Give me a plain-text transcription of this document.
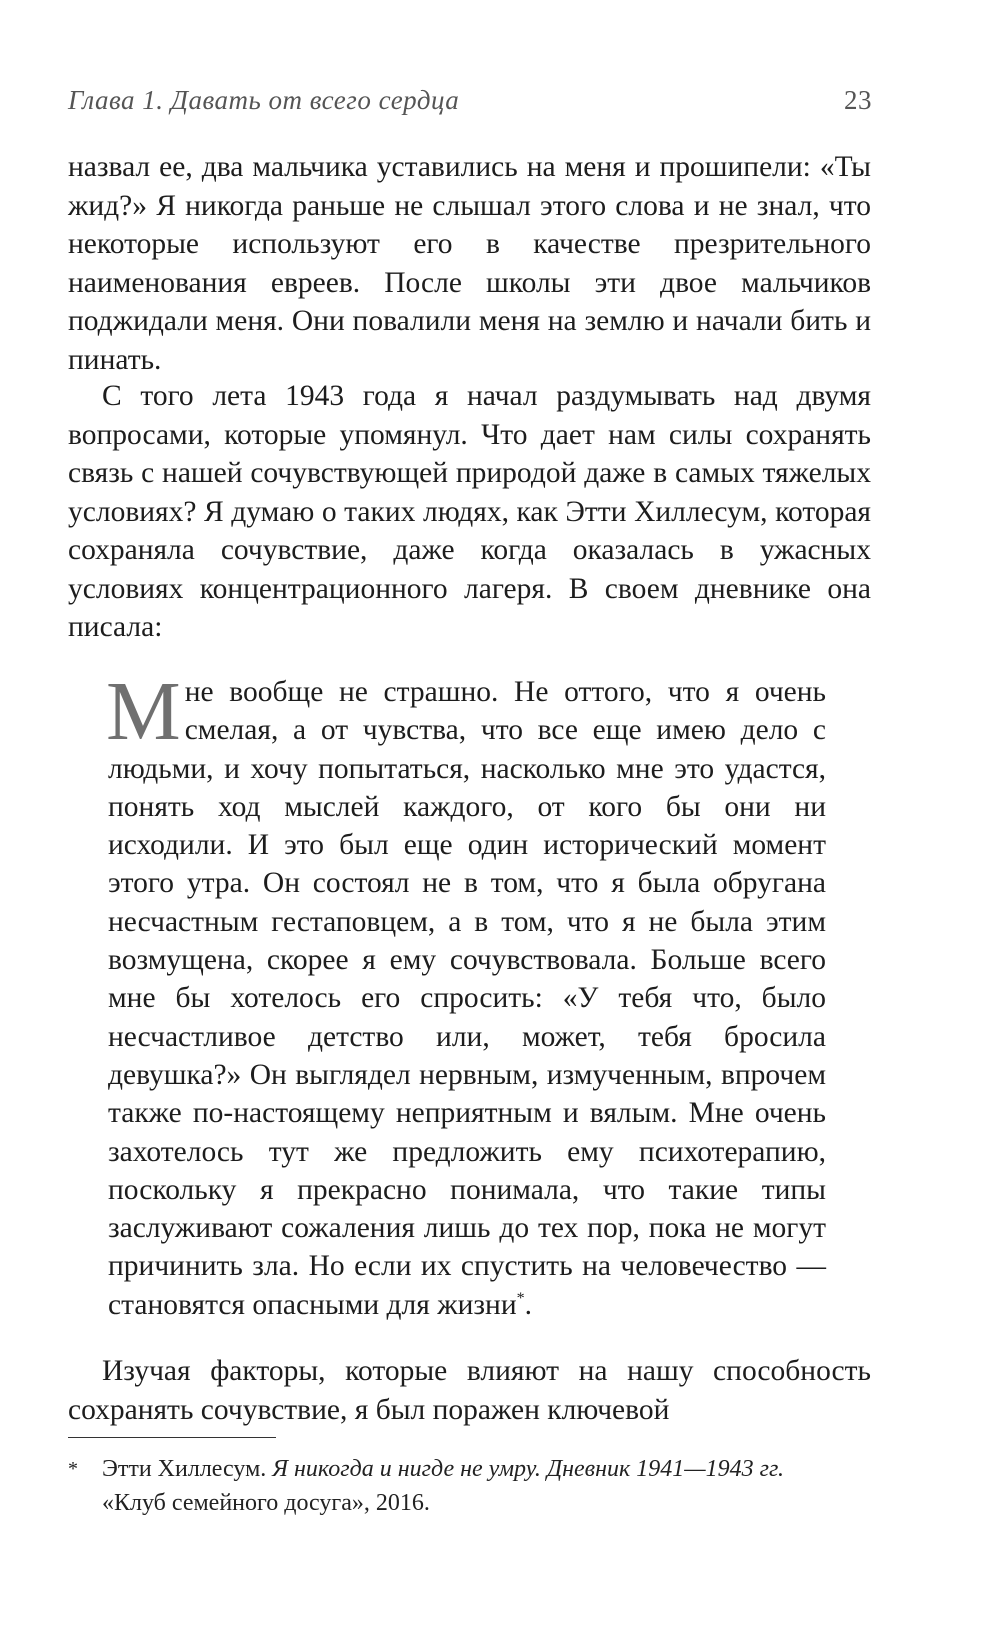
Глава 1. Давать от всего сердца	23

назвал ее, два мальчика уставились на меня и прошипели: «Ты жид?» Я никогда раньше не слышал этого слова и не знал, что некоторые используют его в качестве презрительного наименования евреев. После школы эти двое мальчиков поджидали меня. Они повалили меня на землю и начали бить и пинать.

С того лета 1943 года я начал раздумывать над двумя вопросами, которые упомянул. Что дает нам силы сохранять связь с нашей сочувствующей природой даже в самых тяжелых условиях? Я думаю о таких людях, как Этти Хиллесум, которая сохраняла сочувствие, даже когда оказалась в ужасных условиях концентрационного лагеря. В своем дневнике она писала:

Мне вообще не страшно. Не оттого, что я очень смелая, а от чувства, что все еще имею дело с людьми, и хочу попытаться, насколько мне это удастся, понять ход мыслей каждого, от кого бы они ни исходили. И это был еще один исторический момент этого утра. Он состоял не в том, что я была обругана несчастным гестаповцем, а в том, что я не была этим возмущена, скорее я ему сочувствовала. Больше всего мне бы хотелось его спросить: «У тебя что, было несчастливое детство или, может, тебя бросила девушка?» Он выглядел нервным, измученным, впрочем также по-настоящему неприятным и вялым. Мне очень захотелось тут же предложить ему психотерапию, поскольку я прекрасно понимала, что такие типы заслуживают сожаления лишь до тех пор, пока не могут причинить зла. Но если их спустить на человечество — становятся опасными для жизни*.

Изучая факторы, которые влияют на нашу способность сохранять сочувствие, я был поражен ключевой

* Этти Хиллесум. Я никогда и нигде не умру. Дневник 1941—1943 гг.
«Клуб семейного досуга», 2016.
